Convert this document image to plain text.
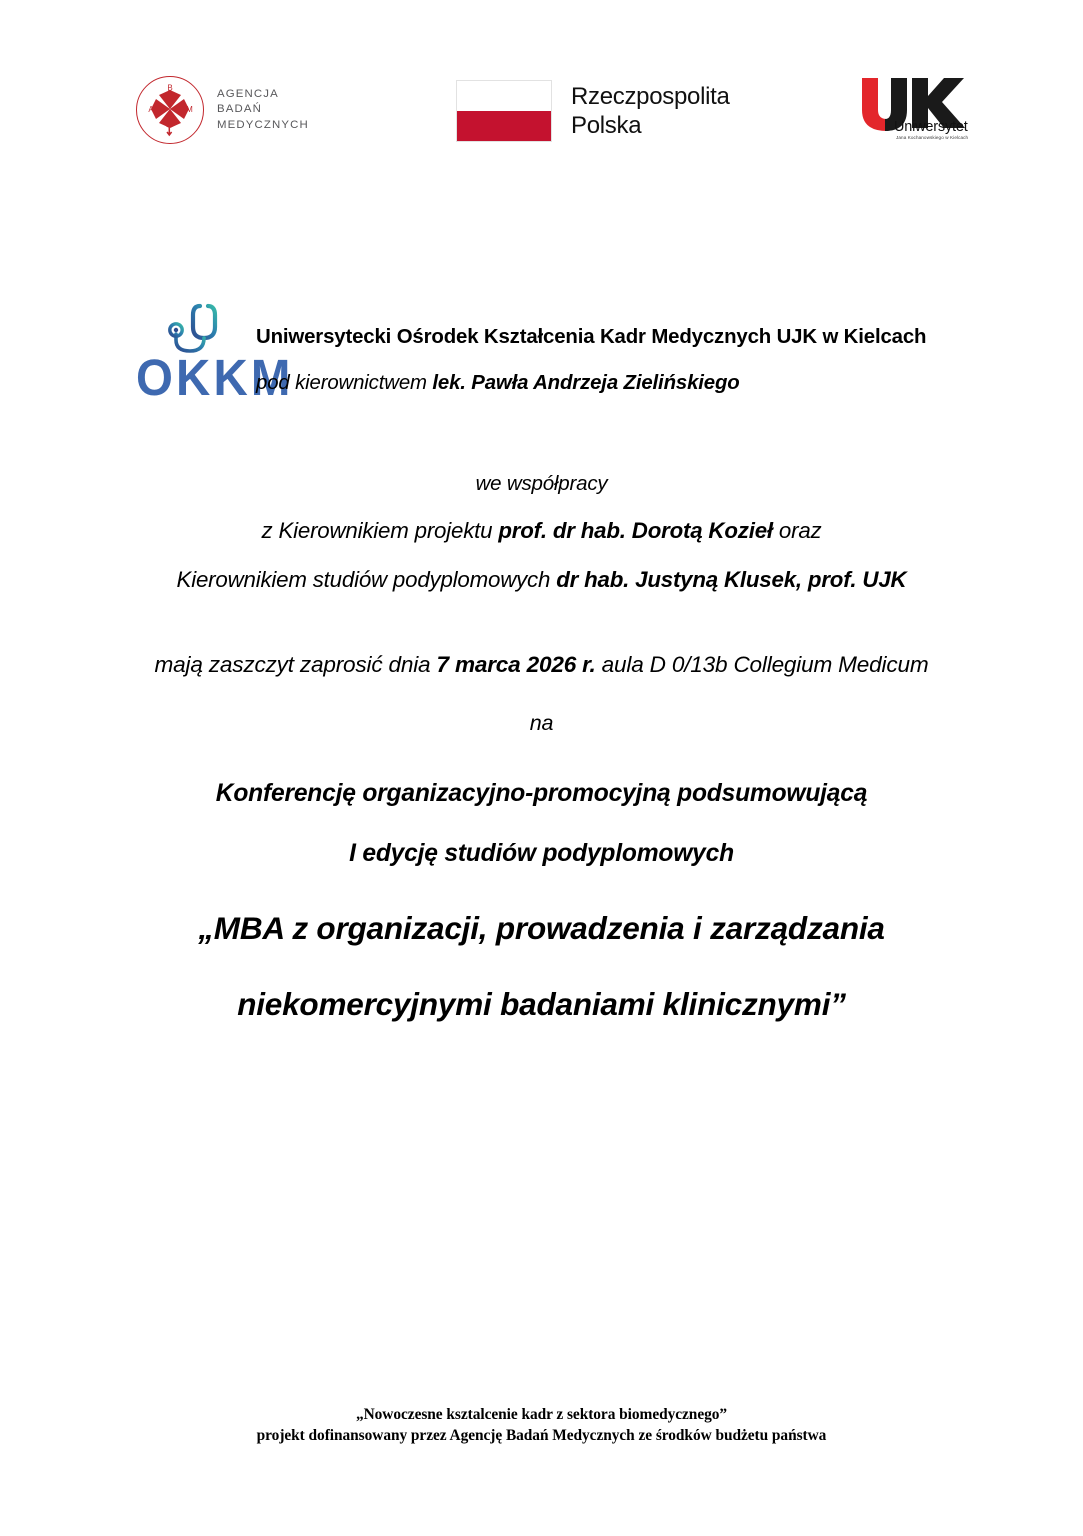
B
A	M
AGENCJA
BADAŃ
MEDYCZNYCH
Rzeczpospolita
Polska	Uniwersytet
Jana Kochanowskiego w Kielcach
OKKM
Uniwersytecki Ośrodek Kształcenia Kadr Medycznych UJK w Kielcach
pod kierownictwem lek. Pawła Andrzeja Zielińskiego
we współpracy
z Kierownikiem projektu prof. dr hab. Dorotą Kozieł oraz
Kierownikiem studiów podyplomowych dr hab. Justyną Klusek, prof. UJK
mają zaszczyt zaprosić dnia 7 marca 2026 r. aula D 0/13b Collegium Medicum
na
Konferencję organizacyjno-promocyjną podsumowującą
I edycję studiów podyplomowych
„MBA z organizacji, prowadzenia i zarządzania
niekomercyjnymi badaniami klinicznymi”
„Nowoczesne ksztalcenie kadr z sektora biomedycznego”
projekt dofinansowany przez Agencję Badań Medycznych ze środków budżetu państwa
